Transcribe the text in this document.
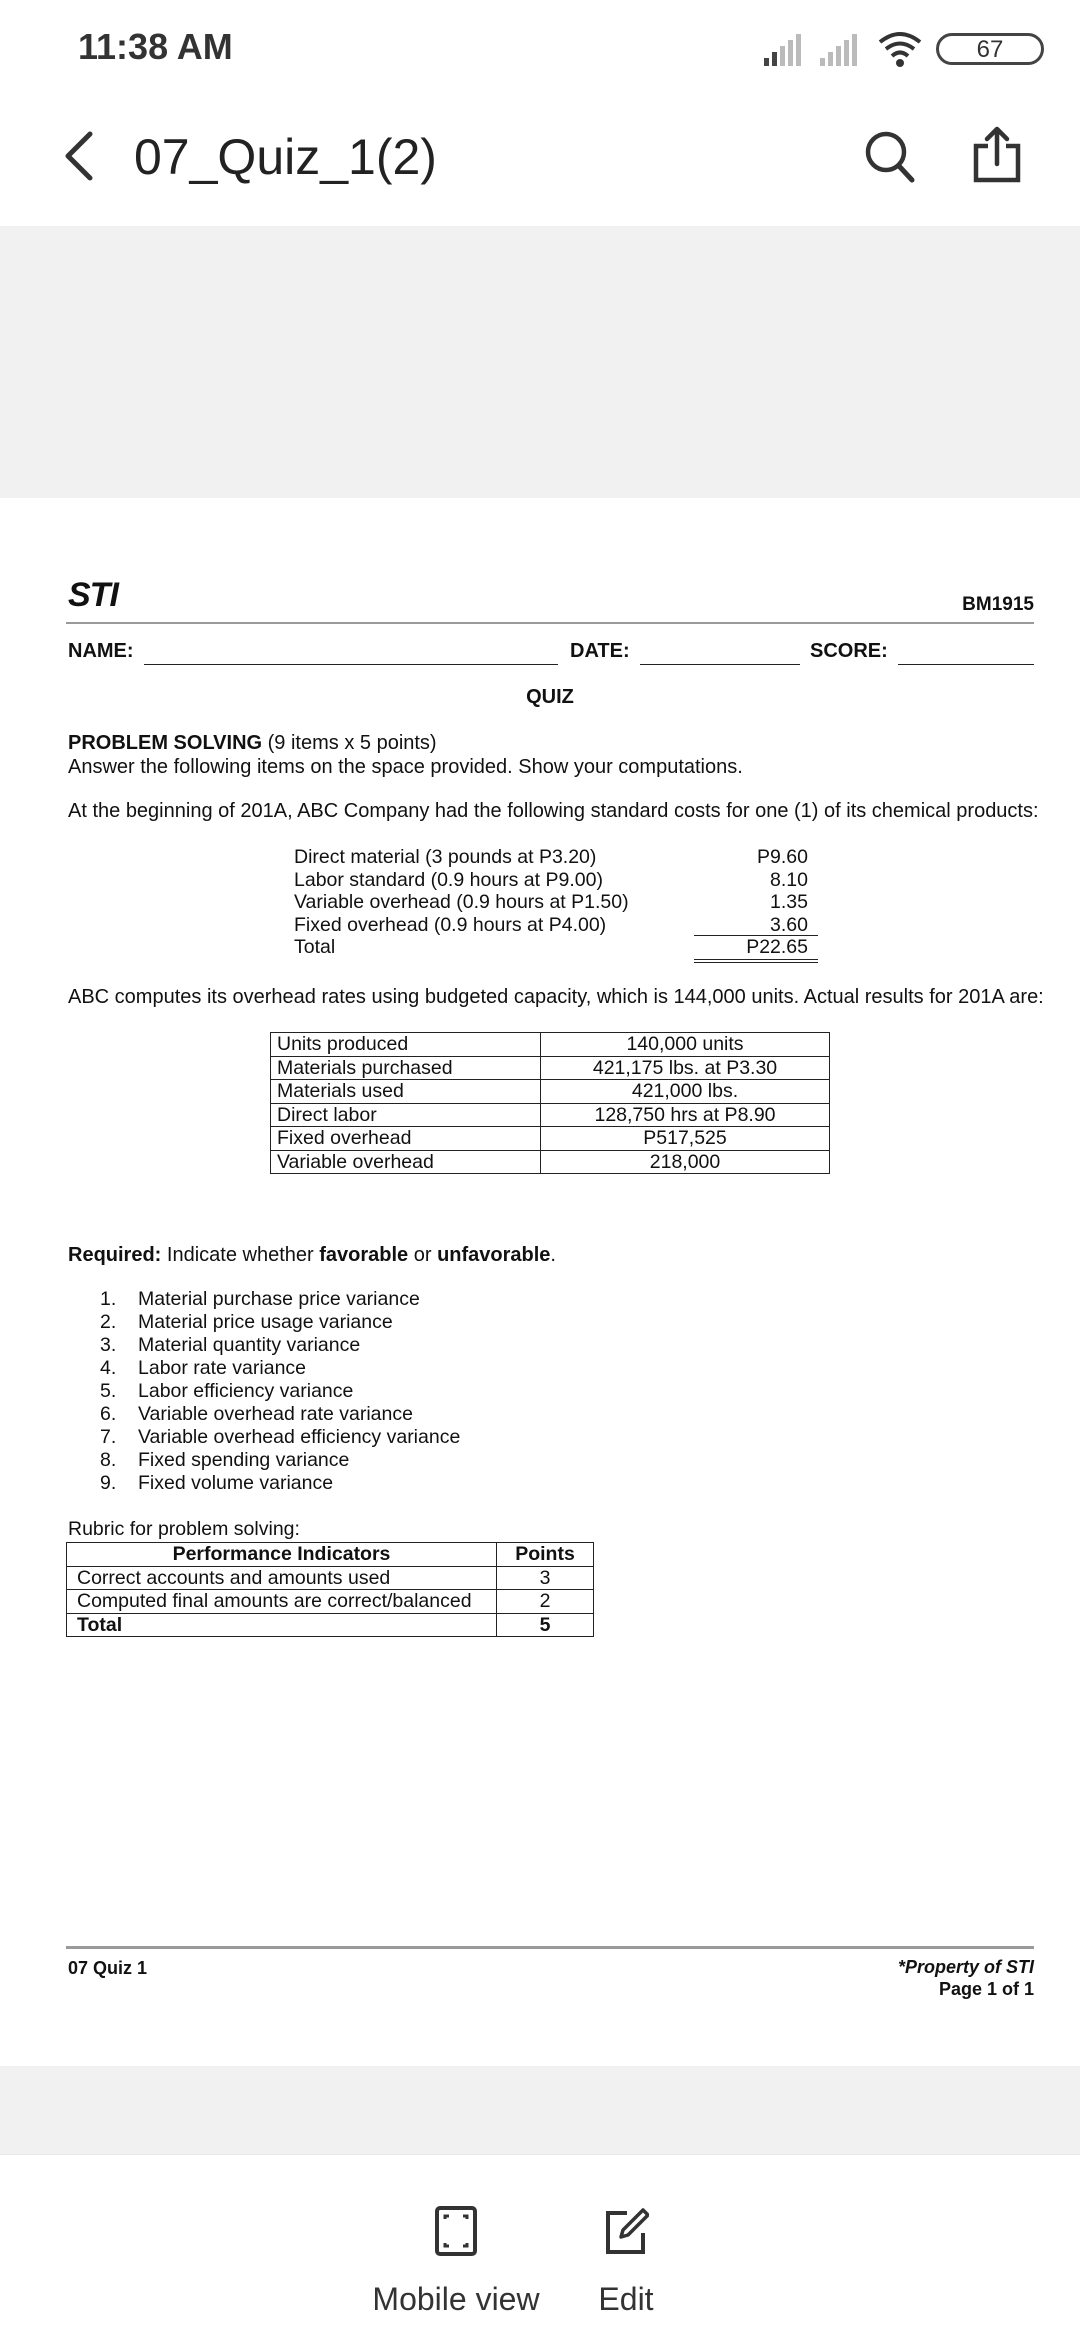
11:38 AM	67
07_Quiz_1(2)
STI	BM1915
NAME:	DATE:	SCORE:
QUIZ
PROBLEM SOLVING (9 items x 5 points)
Answer the following items on the space provided. Show your computations.
At the beginning of 201A, ABC Company had the following standard costs for one (1) of its chemical products:
Direct material (3 pounds at P3.20)	P9.60
Labor standard (0.9 hours at P9.00)	8.10
Variable overhead (0.9 hours at P1.50)	1.35
Fixed overhead (0.9 hours at P4.00)	3.60
Total	P22.65
ABC computes its overhead rates using budgeted capacity, which is 144,000 units. Actual results for 201A are:
Units produced	140,000 units
Materials purchased	421,175 lbs. at P3.30
Materials used	421,000 lbs.
Direct labor	128,750 hrs at P8.90
Fixed overhead	P517,525
Variable overhead	218,000
Required: Indicate whether favorable or unfavorable.
1. Material purchase price variance
2. Material price usage variance
3. Material quantity variance
4. Labor rate variance
5. Labor efficiency variance
6. Variable overhead rate variance
7. Variable overhead efficiency variance
8. Fixed spending variance
9. Fixed volume variance
Rubric for problem solving:
Performance Indicators	Points
Correct accounts and amounts used	3
Computed final amounts are correct/balanced	2
Total	5
07 Quiz 1	*Property of STI
Page 1 of 1
Mobile view	Edit
